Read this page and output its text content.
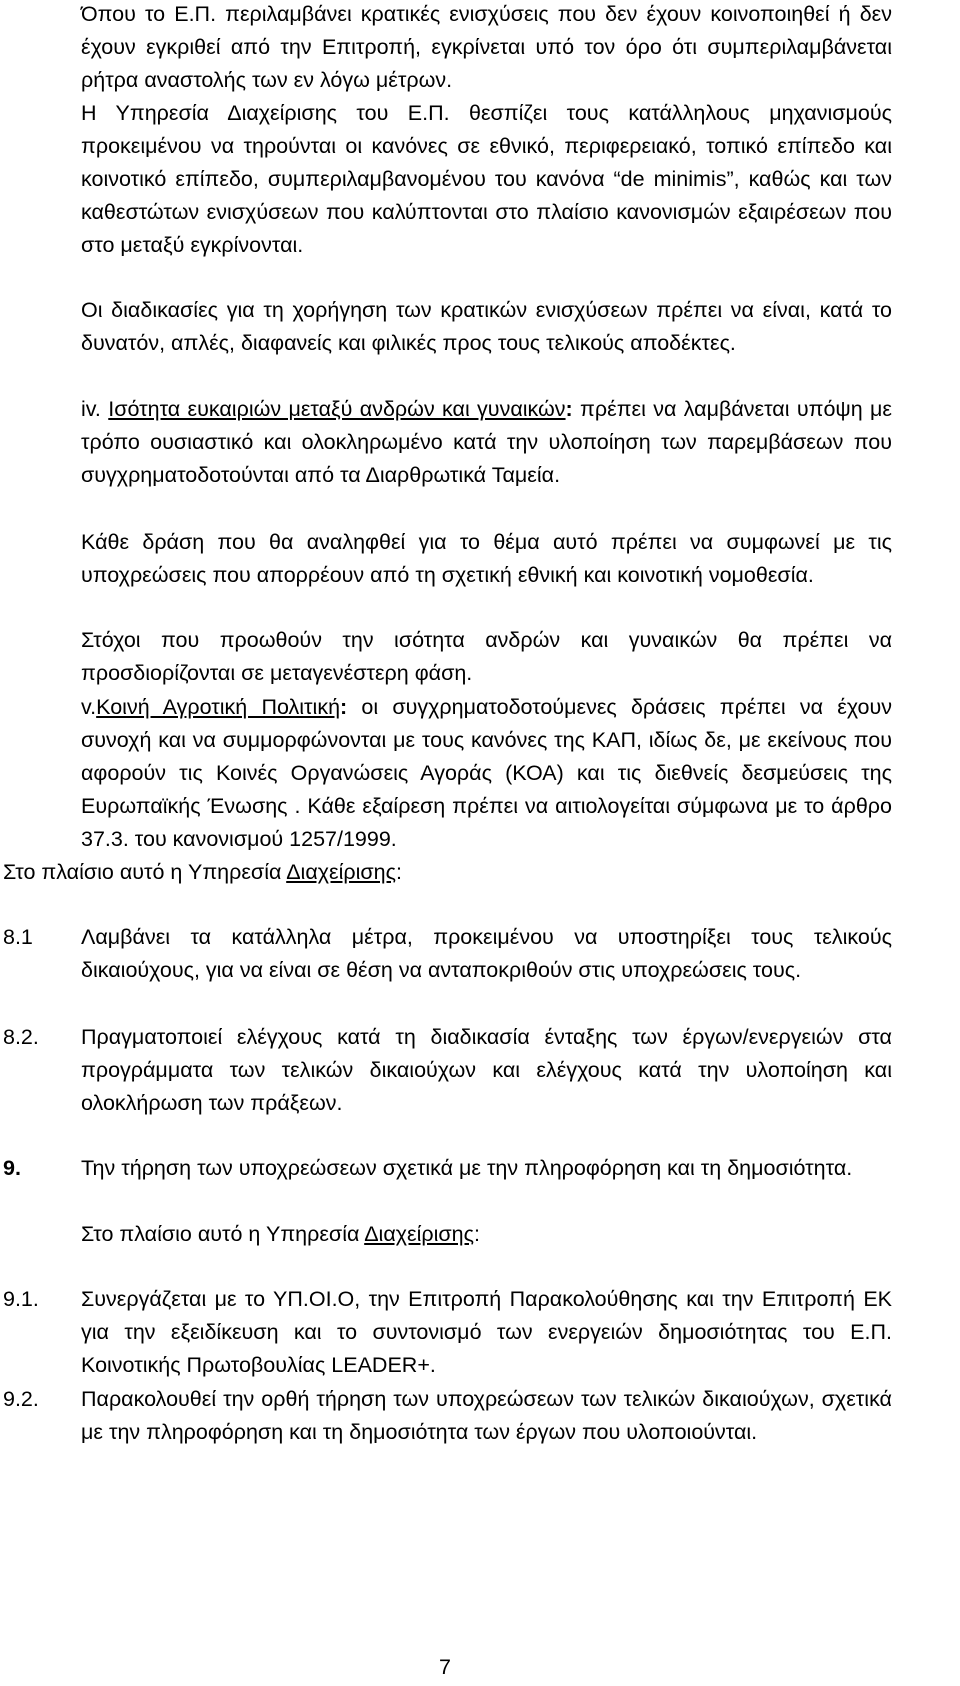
Όπου το Ε.Π. περιλαμβάνει κρατικές ενισχύσεις που δεν έχουν κοινοποιηθεί ή δεν έχουν εγκριθεί από την Επιτροπή, εγκρίνεται υπό τον όρο ότι συμπεριλαμβάνεται ρήτρα αναστολής των εν λόγω μέτρων.

Η Υπηρεσία Διαχείρισης του Ε.Π. θεσπίζει τους κατάλληλους μηχανισμούς προκειμένου να τηρούνται οι κανόνες σε εθνικό, περιφερειακό, τοπικό επίπεδο και κοινοτικό επίπεδο, συμπεριλαμβανομένου του κανόνα “de minimis”, καθώς και των καθεστώτων ενισχύσεων που καλύπτονται στο πλαίσιο κανονισμών εξαιρέσεων που στο μεταξύ εγκρίνονται.

Οι διαδικασίες για τη χορήγηση των κρατικών ενισχύσεων πρέπει να είναι, κατά το δυνατόν, απλές, διαφανείς και φιλικές προς τους τελικούς αποδέκτες.

iv. Ισότητα ευκαιριών μεταξύ ανδρών και γυναικών: πρέπει να λαμβάνεται υπόψη με τρόπο ουσιαστικό και ολοκληρωμένο κατά την υλοποίηση των παρεμβάσεων που συγχρηματοδοτούνται από τα Διαρθρωτικά Ταμεία.

Κάθε δράση που θα αναληφθεί για το θέμα αυτό πρέπει να συμφωνεί με τις υποχρεώσεις που απορρέουν από τη σχετική εθνική και κοινοτική νομοθεσία.

Στόχοι που προωθούν την ισότητα ανδρών και γυναικών θα πρέπει να προσδιορίζονται σε μεταγενέστερη φάση.

v.Κοινή Αγροτική Πολιτική: οι συγχρηματοδοτούμενες δράσεις πρέπει να έχουν συνοχή και να συμμορφώνονται με τους κανόνες της ΚΑΠ, ιδίως δε, με εκείνους που αφορούν τις Κοινές Οργανώσεις Αγοράς (ΚΟΑ) και τις διεθνείς δεσμεύσεις της Ευρωπαϊκής Ένωσης . Κάθε εξαίρεση πρέπει να αιτιολογείται σύμφωνα με το άρθρο 37.3. του κανονισμού 1257/1999.

Στο πλαίσιο αυτό η Υπηρεσία Διαχείρισης:

8.1 Λαμβάνει τα κατάλληλα μέτρα, προκειμένου να υποστηρίξει τους τελικούς δικαιούχους, για να είναι σε θέση να ανταποκριθούν στις υποχρεώσεις τους.

8.2. Πραγματοποιεί ελέγχους κατά τη διαδικασία ένταξης των έργων/ενεργειών στα προγράμματα των τελικών δικαιούχων και ελέγχους κατά την υλοποίηση και ολοκλήρωση των πράξεων.

9.	Την τήρηση των υποχρεώσεων σχετικά με την πληροφόρηση και τη δημοσιότητα.

Στο πλαίσιο αυτό η Υπηρεσία Διαχείρισης:

9.1. Συνεργάζεται με το ΥΠ.ΟΙ.Ο, την Επιτροπή Παρακολούθησης και την Επιτροπή ΕΚ για την εξειδίκευση και το συντονισμό των ενεργειών δημοσιότητας του Ε.Π. Κοινοτικής Πρωτοβουλίας LEADER+.

9.2. Παρακολουθεί την ορθή τήρηση των υποχρεώσεων των τελικών δικαιούχων, σχετικά με την πληροφόρηση και τη δημοσιότητα των έργων που υλοποιούνται.

7
